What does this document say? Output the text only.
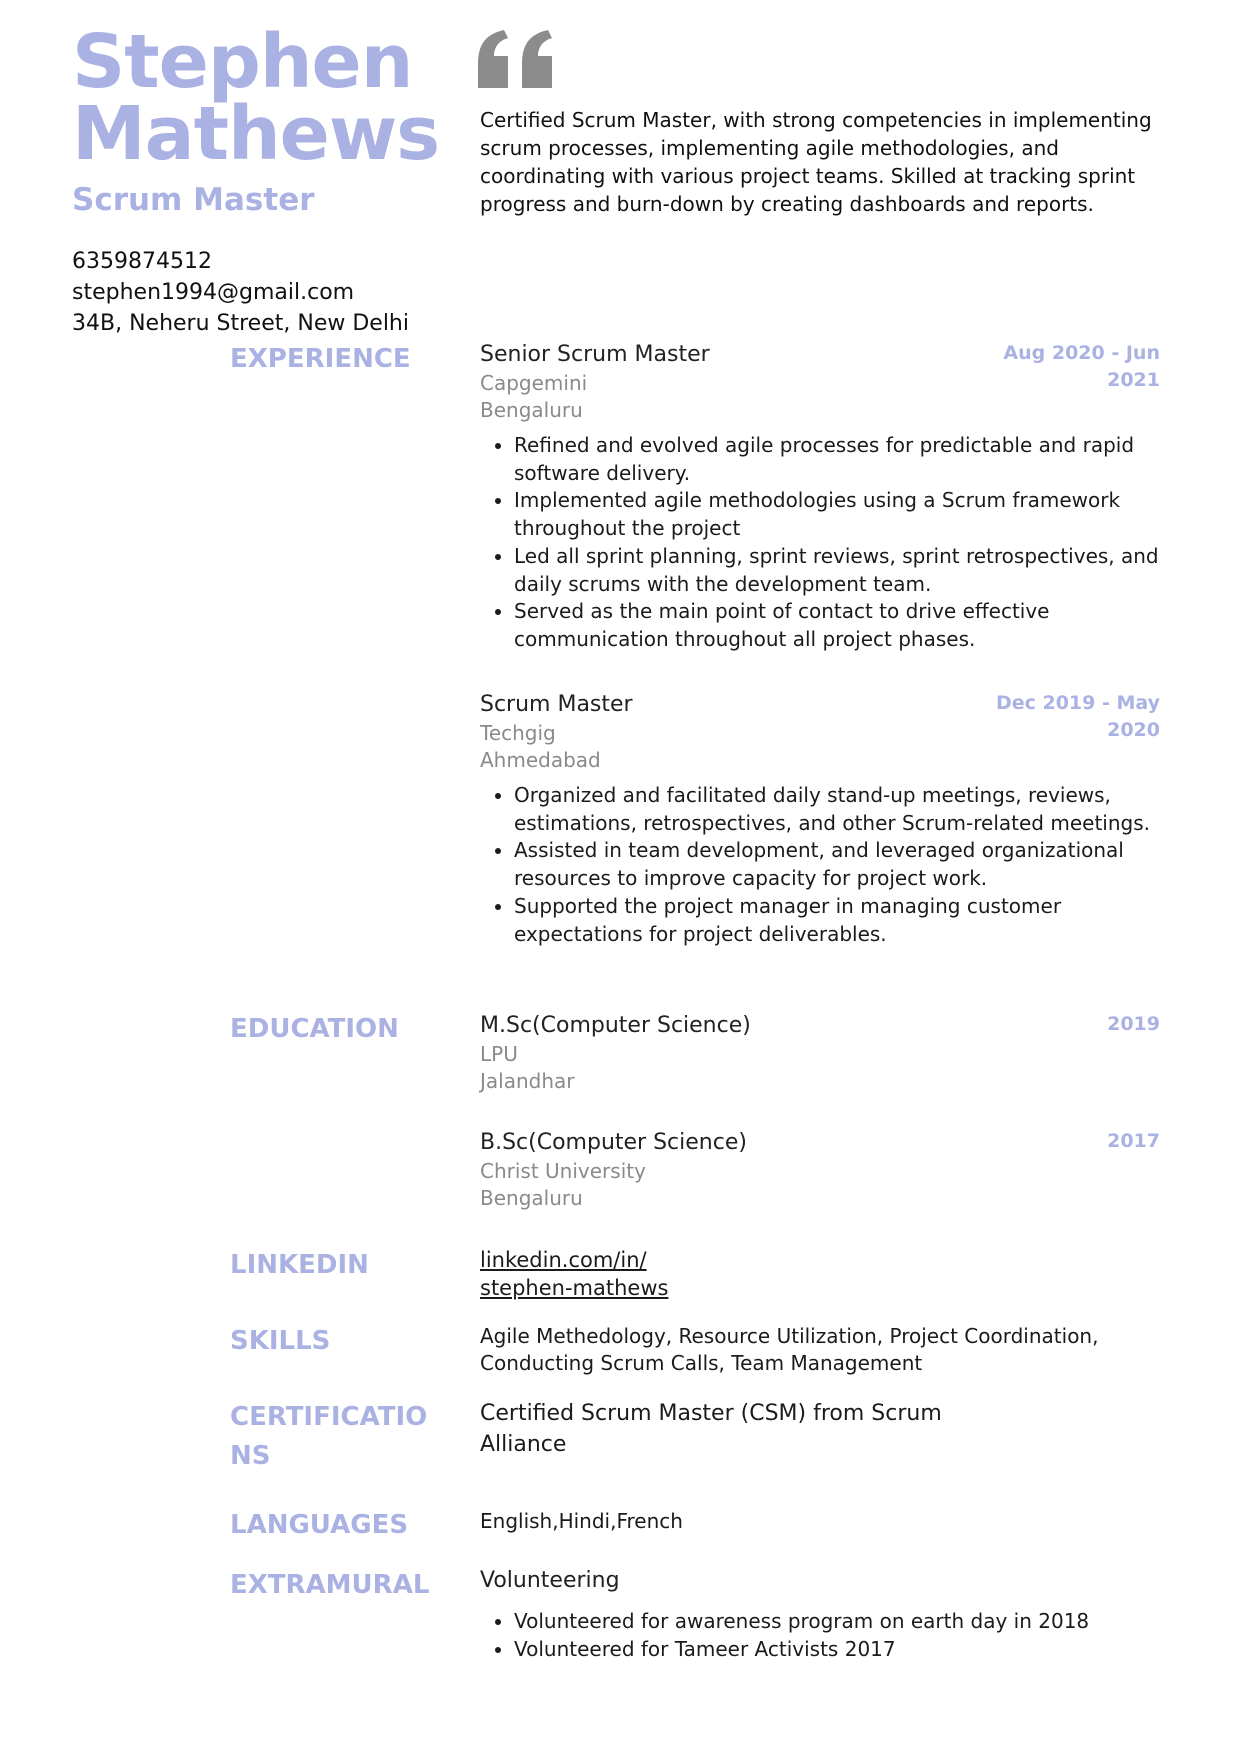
Stephen
Mathews
Scrum Master
6359874512
stephen1994@gmail.com
34B, Neheru Street, New Delhi
Certified Scrum Master, with strong competencies in implementing scrum processes, implementing agile methodologies, and coordinating with various project teams. Skilled at tracking sprint progress and burn-down by creating dashboards and reports.
EXPERIENCE	Senior Scrum Master
Capgemini
Bengaluru
Aug 2020 - Jun 2021
• Refined and evolved agile processes for predictable and rapid software delivery.
• Implemented agile methodologies using a Scrum framework throughout the project
• Led all sprint planning, sprint reviews, sprint retrospectives, and daily scrums with the development team.
• Served as the main point of contact to drive effective communication throughout all project phases.
Scrum Master
Techgig
Ahmedabad
Dec 2019 - May 2020
• Organized and facilitated daily stand-up meetings, reviews, estimations, retrospectives, and other Scrum-related meetings.
• Assisted in team development, and leveraged organizational resources to improve capacity for project work.
• Supported the project manager in managing customer expectations for project deliverables.
EDUCATION	M.Sc(Computer Science)
LPU
Jalandhar
2019
B.Sc(Computer Science)
Christ University
Bengaluru
2017
LINKEDIN	linkedin.com/in/
stephen-mathews
SKILLS	Agile Methedology, Resource Utilization, Project Coordination, Conducting Scrum Calls, Team Management
CERTIFICATIONS
Certified Scrum Master (CSM) from Scrum Alliance
LANGUAGES	English,Hindi,French
EXTRAMURAL Volunteering
• Volunteered for awareness program on earth day in 2018
• Volunteered for Tameer Activists 2017
